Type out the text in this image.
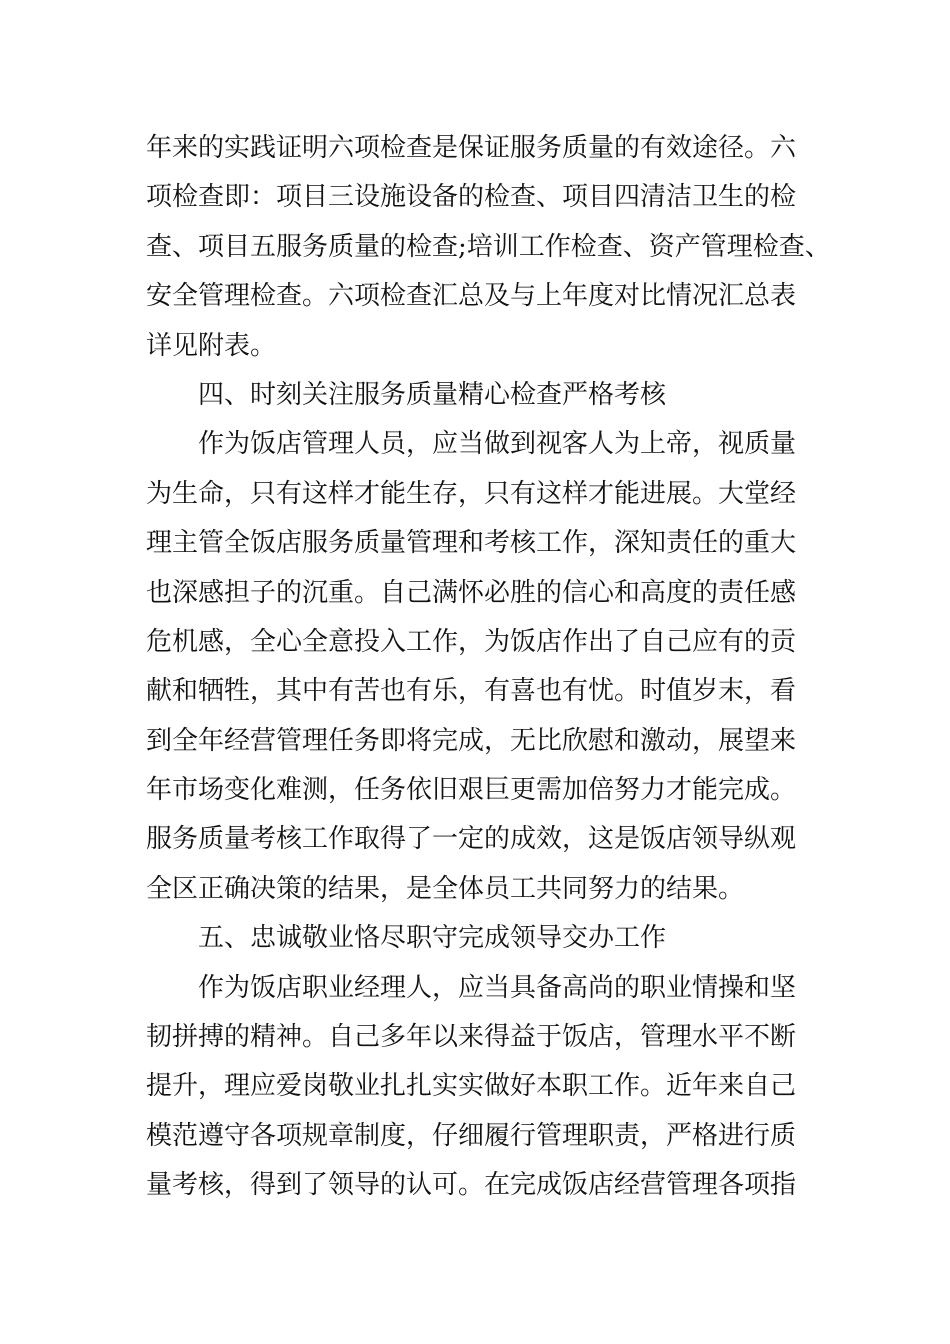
年来的实践证明六项检查是保证服务质量的有效途径。六
项检查即：项目三设施设备的检查、项目四清洁卫生的检
查、项目五服务质量的检查;培训工作检查、资产管理检查、
安全管理检查。六项检查汇总及与上年度对比情况汇总表
详见附表。
四、时刻关注服务质量精心检查严格考核
作为饭店管理人员，应当做到视客人为上帝，视质量
为生命，只有这样才能生存，只有这样才能进展。大堂经
理主管全饭店服务质量管理和考核工作，深知责任的重大
也深感担子的沉重。自己满怀必胜的信心和高度的责任感
危机感，全心全意投入工作，为饭店作出了自己应有的贡
献和牺牲，其中有苦也有乐，有喜也有忧。时值岁末，看
到全年经营管理任务即将完成，无比欣慰和激动，展望来
年市场变化难测，任务依旧艰巨更需加倍努力才能完成。
服务质量考核工作取得了一定的成效，这是饭店领导纵观
全区正确决策的结果，是全体员工共同努力的结果。
五、忠诚敬业恪尽职守完成领导交办工作
作为饭店职业经理人，应当具备高尚的职业情操和坚
韧拼搏的精神。自己多年以来得益于饭店，管理水平不断
提升，理应爱岗敬业扎扎实实做好本职工作。近年来自己
模范遵守各项规章制度，仔细履行管理职责，严格进行质
量考核，得到了领导的认可。在完成饭店经营管理各项指
